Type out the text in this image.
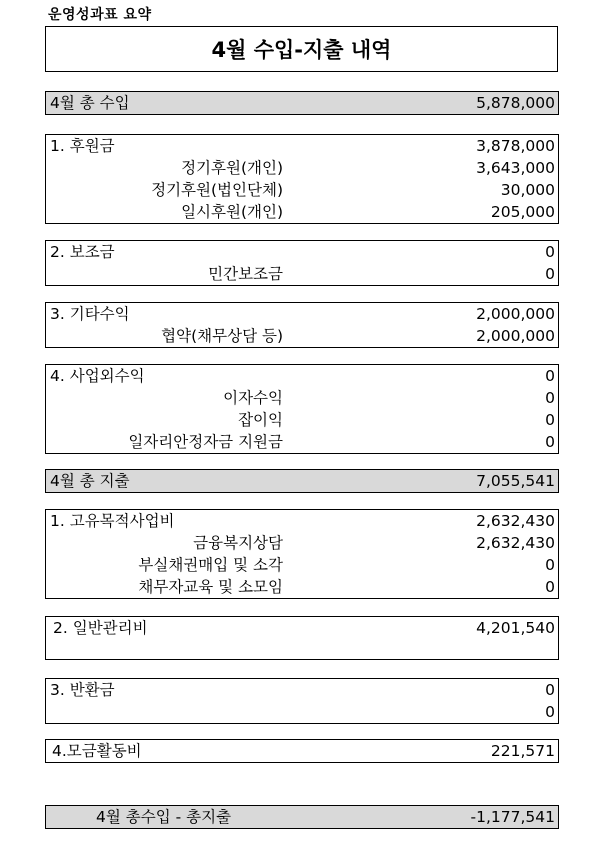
운영성과표 요약
4월 수입-지출 내역
4월 총 수입	5,878,000
1. 후원금	3,878,000
정기후원(개인)	3,643,000
정기후원(법인단체)	30,000
일시후원(개인)	205,000
2. 보조금	0
민간보조금	0
3. 기타수익	2,000,000
협약(채무상담 등)	2,000,000
4. 사업외수익	0
이자수익	0
잡이익	0
일자리안정자금 지원금	0
4월 총 지출	7,055,541
1. 고유목적사업비	2,632,430
금융복지상담	2,632,430
부실채권매입 및 소각	0
채무자교육 및 소모임	0
2. 일반관리비	4,201,540
3. 반환금	0
0
4.모금활동비	221,571
4월 총수입 - 총지출	-1,177,541
